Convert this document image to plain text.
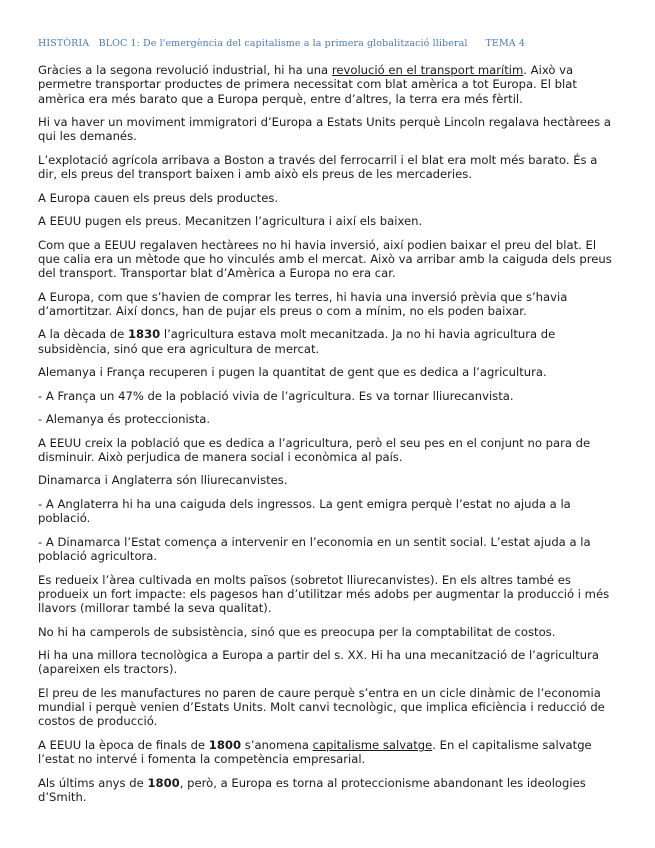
HISTÒRIA BLOC 1: De l'emergència del capitalisme a la primera globalització lliberal TEMA 4

Gràcies a la segona revolució industrial, hi ha una revolució en el transport marítim. Això va permetre transportar productes de primera necessitat com blat amèrica a tot Europa. El blat amèrica era més barato que a Europa perquè, entre d’altres, la terra era més fèrtil.

Hi va haver un moviment immigratori d’Europa a Estats Units perquè Lincoln regalava hectàrees a qui les demanés.

L’explotació agrícola arribava a Boston a través del ferrocarril i el blat era molt més barato. És a dir, els preus del transport baixen i amb això els preus de les mercaderies.

A Europa cauen els preus dels productes.

A EEUU pugen els preus. Mecanitzen l’agricultura i així els baixen.

Com que a EEUU regalaven hectàrees no hi havia inversió, així podien baixar el preu del blat. El que calia era un mètode que ho vinculés amb el mercat. Això va arribar amb la caiguda dels preus del transport. Transportar blat d’Amèrica a Europa no era car.

A Europa, com que s’havien de comprar les terres, hi havia una inversió prèvia que s’havia d’amortitzar. Així doncs, han de pujar els preus o com a mínim, no els poden baixar.

A la dècada de 1830 l’agricultura estava molt mecanitzada. Ja no hi havia agricultura de subsidència, sinó que era agricultura de mercat.

Alemanya i França recuperen i pugen la quantitat de gent que es dedica a l’agricultura.

- A França un 47% de la població vivia de l’agricultura. Es va tornar lliurecanvista.

- Alemanya és proteccionista.

A EEUU creix la població que es dedica a l’agricultura, però el seu pes en el conjunt no para de disminuir. Això perjudica de manera social i econòmica al país.

Dinamarca i Anglaterra són lliurecanvistes.

- A Anglaterra hi ha una caiguda dels ingressos. La gent emigra perquè l’estat no ajuda a la població.

- A Dinamarca l’Estat comença a intervenir en l’economia en un sentit social. L’estat ajuda a la població agricultora.

Es redueix l’àrea cultivada en molts països (sobretot lliurecanvistes). En els altres també es produeix un fort impacte: els pagesos han d’utilitzar més adobs per augmentar la producció i més llavors (millorar també la seva qualitat).

No hi ha camperols de subsistència, sinó que es preocupa per la comptabilitat de costos.

Hi ha una millora tecnològica a Europa a partir del s. XX. Hi ha una mecanització de l’agricultura (apareixen els tractors).

El preu de les manufactures no paren de caure perquè s’entra en un cicle dinàmic de l’economia mundial i perquè venien d’Estats Units. Molt canvi tecnològic, que implica eficiència i reducció de costos de producció.

A EEUU la època de finals de 1800 s’anomena capitalisme salvatge. En el capitalisme salvatge l’estat no intervé i fomenta la competència empresarial.

Als últims anys de 1800, però, a Europa es torna al proteccionisme abandonant les ideologies d’Smith.
